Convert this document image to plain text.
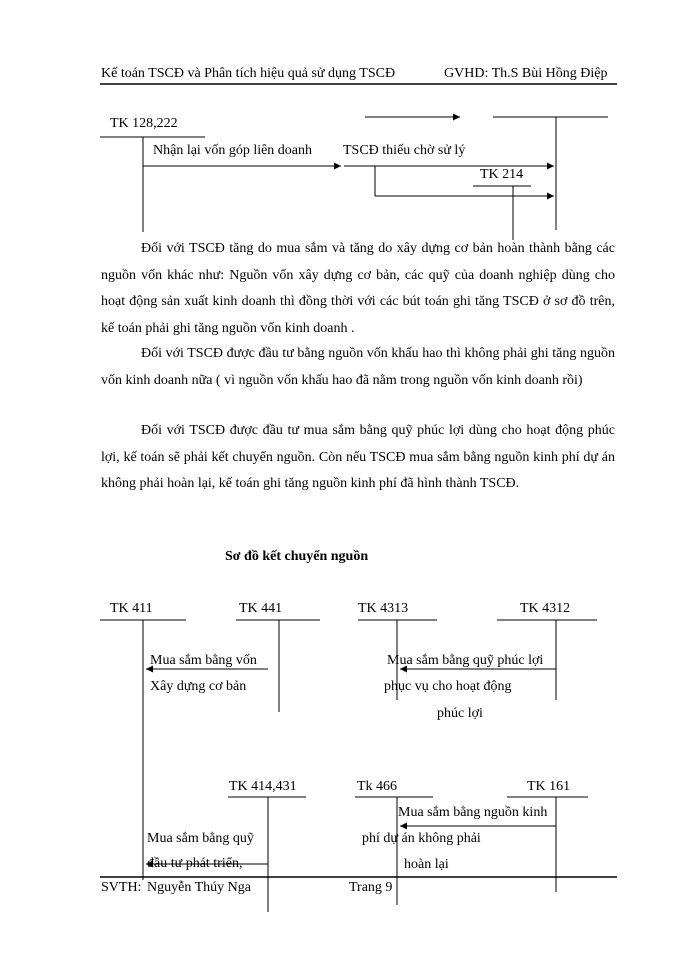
Kế toán TSCĐ và Phân tích hiệu quả sử dụng TSCĐ	GVHD: Th.S Bùi Hồng Điệp
TK 128,222
Nhận lại vốn góp liên doanh TSCĐ thiếu chờ sử lý
TK 214

Đối với TSCĐ tăng do mua sắm và tăng do xây dựng cơ bản hoàn thành bằng các nguồn vốn khác như: Nguồn vốn xây dựng cơ bản, các quỹ của doanh nghiệp dùng cho hoạt động sản xuất kinh doanh thì đồng thời với các bút toán ghi tăng TSCĐ ở sơ đồ trên, kế toán phải ghi tăng nguồn vốn kinh doanh .

Đối với TSCĐ được đầu tư bằng nguồn vốn khấu hao thì không phải ghi tăng nguồn vốn kinh doanh nữa ( vì nguồn vốn khấu hao đã nằm trong nguồn vốn kinh doanh rồi)

Đối với TSCĐ được đầu tư mua sắm bằng quỹ phúc lợi dùng cho hoạt động phúc lợi, kế toán sẽ phải kết chuyển nguồn. Còn nếu TSCĐ mua sắm bằng nguồn kinh phí dự án không phải hoàn lại, kế toán ghi tăng nguồn kinh phí đã hình thành TSCĐ.

Sơ đồ kết chuyển nguồn
TK 411	TK 441	TK 4313	TK 4312
Mua sắm bằng vốn
Xây dựng cơ bản
Mua sắm bằng quỹ phúc lợi
phục vụ cho hoạt động
phúc lợi
TK 414,431	Tk 466	TK 161
Mua sắm bằng nguồn kinh
phí dự án không phải
hoàn lại
Mua sắm bằng quỹ
đầu tư phát triển,
SVTH: Nguyễn Thúy Nga	Trang 9
